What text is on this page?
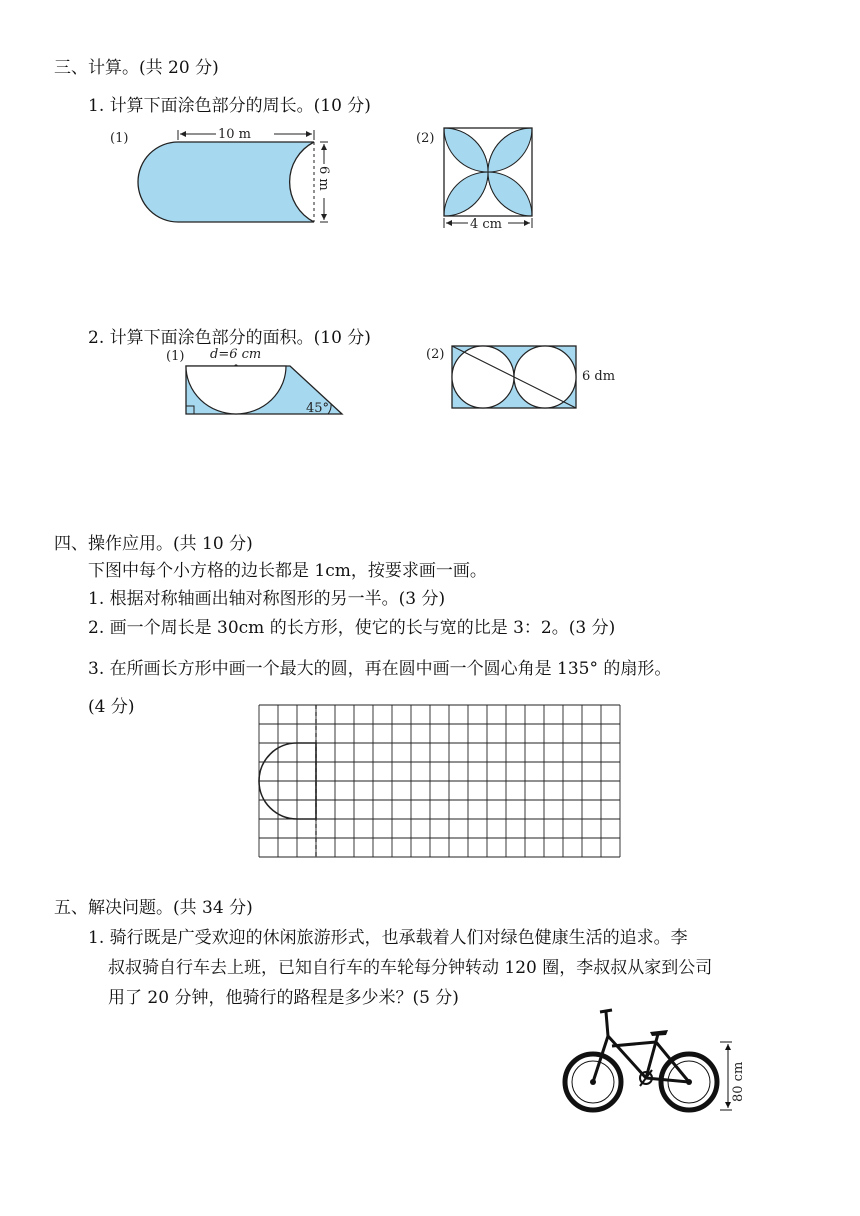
三、计算。(共 20 分)
1. 计算下面涂色部分的周长。(10 分)
(1)	10 m
6 m
(2)
4 cm
2. 计算下面涂色部分的面积。(10 分)
(1) d=6 cm
45°
(2)
6 dm
四、操作应用。(共 10 分)
下图中每个小方格的边长都是 1cm，按要求画一画。
1. 根据对称轴画出轴对称图形的另一半。(3 分)
2. 画一个周长是 30cm 的长方形，使它的长与宽的比是 3：2。(3 分)
3. 在所画长方形中画一个最大的圆，再在圆中画一个圆心角是 135° 的扇形。
(4 分)
五、解决问题。(共 34 分)
1. 骑行既是广受欢迎的休闲旅游形式，也承载着人们对绿色健康生活的追求。李
叔叔骑自行车去上班，已知自行车的车轮每分钟转动 120 圈，李叔叔从家到公司
用了 20 分钟，他骑行的路程是多少米？(5 分)
80 cm
